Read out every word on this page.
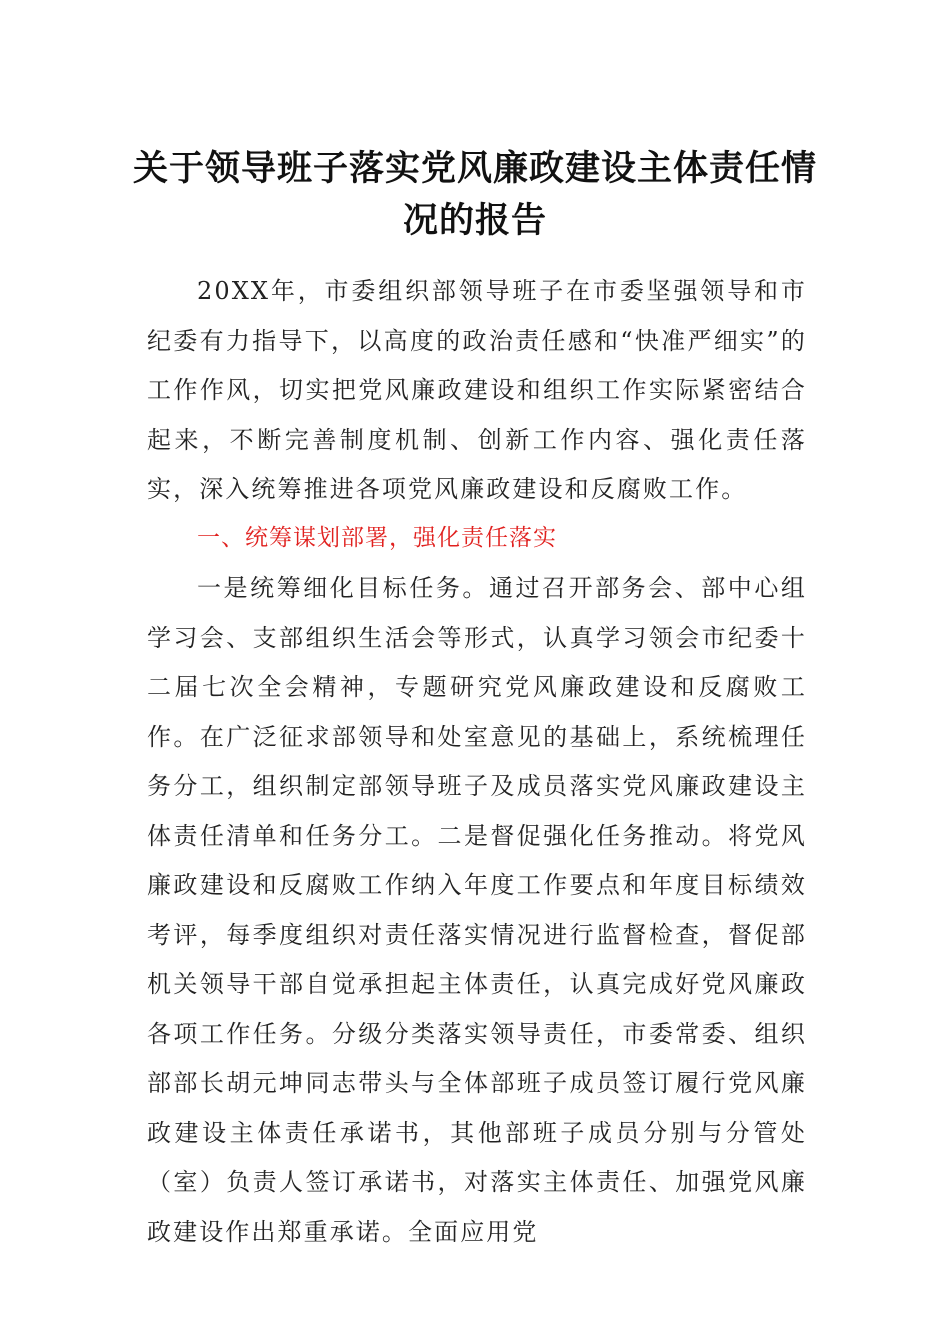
关于领导班子落实党风廉政建设主体责任情况的报告

20XX年，市委组织部领导班子在市委坚强领导和市纪委有力指导下，以高度的政治责任感和“快准严细实”的工作作风，切实把党风廉政建设和组织工作实际紧密结合起来，不断完善制度机制、创新工作内容、强化责任落实，深入统筹推进各项党风廉政建设和反腐败工作。

一、统筹谋划部署，强化责任落实

一是统筹细化目标任务。通过召开部务会、部中心组学习会、支部组织生活会等形式，认真学习领会市纪委十二届七次全会精神，专题研究党风廉政建设和反腐败工作。在广泛征求部领导和处室意见的基础上，系统梳理任务分工，组织制定部领导班子及成员落实党风廉政建设主体责任清单和任务分工。二是督促强化任务推动。将党风廉政建设和反腐败工作纳入年度工作要点和年度目标绩效考评，每季度组织对责任落实情况进行监督检查，督促部机关领导干部自觉承担起主体责任，认真完成好党风廉政各项工作任务。分级分类落实领导责任，市委常委、组织部部长胡元坤同志带头与全体部班子成员签订履行党风廉政建设主体责任承诺书，其他部班子成员分别与分管处（室）负责人签订承诺书，对落实主体责任、加强党风廉政建设作出郑重承诺。全面应用党
